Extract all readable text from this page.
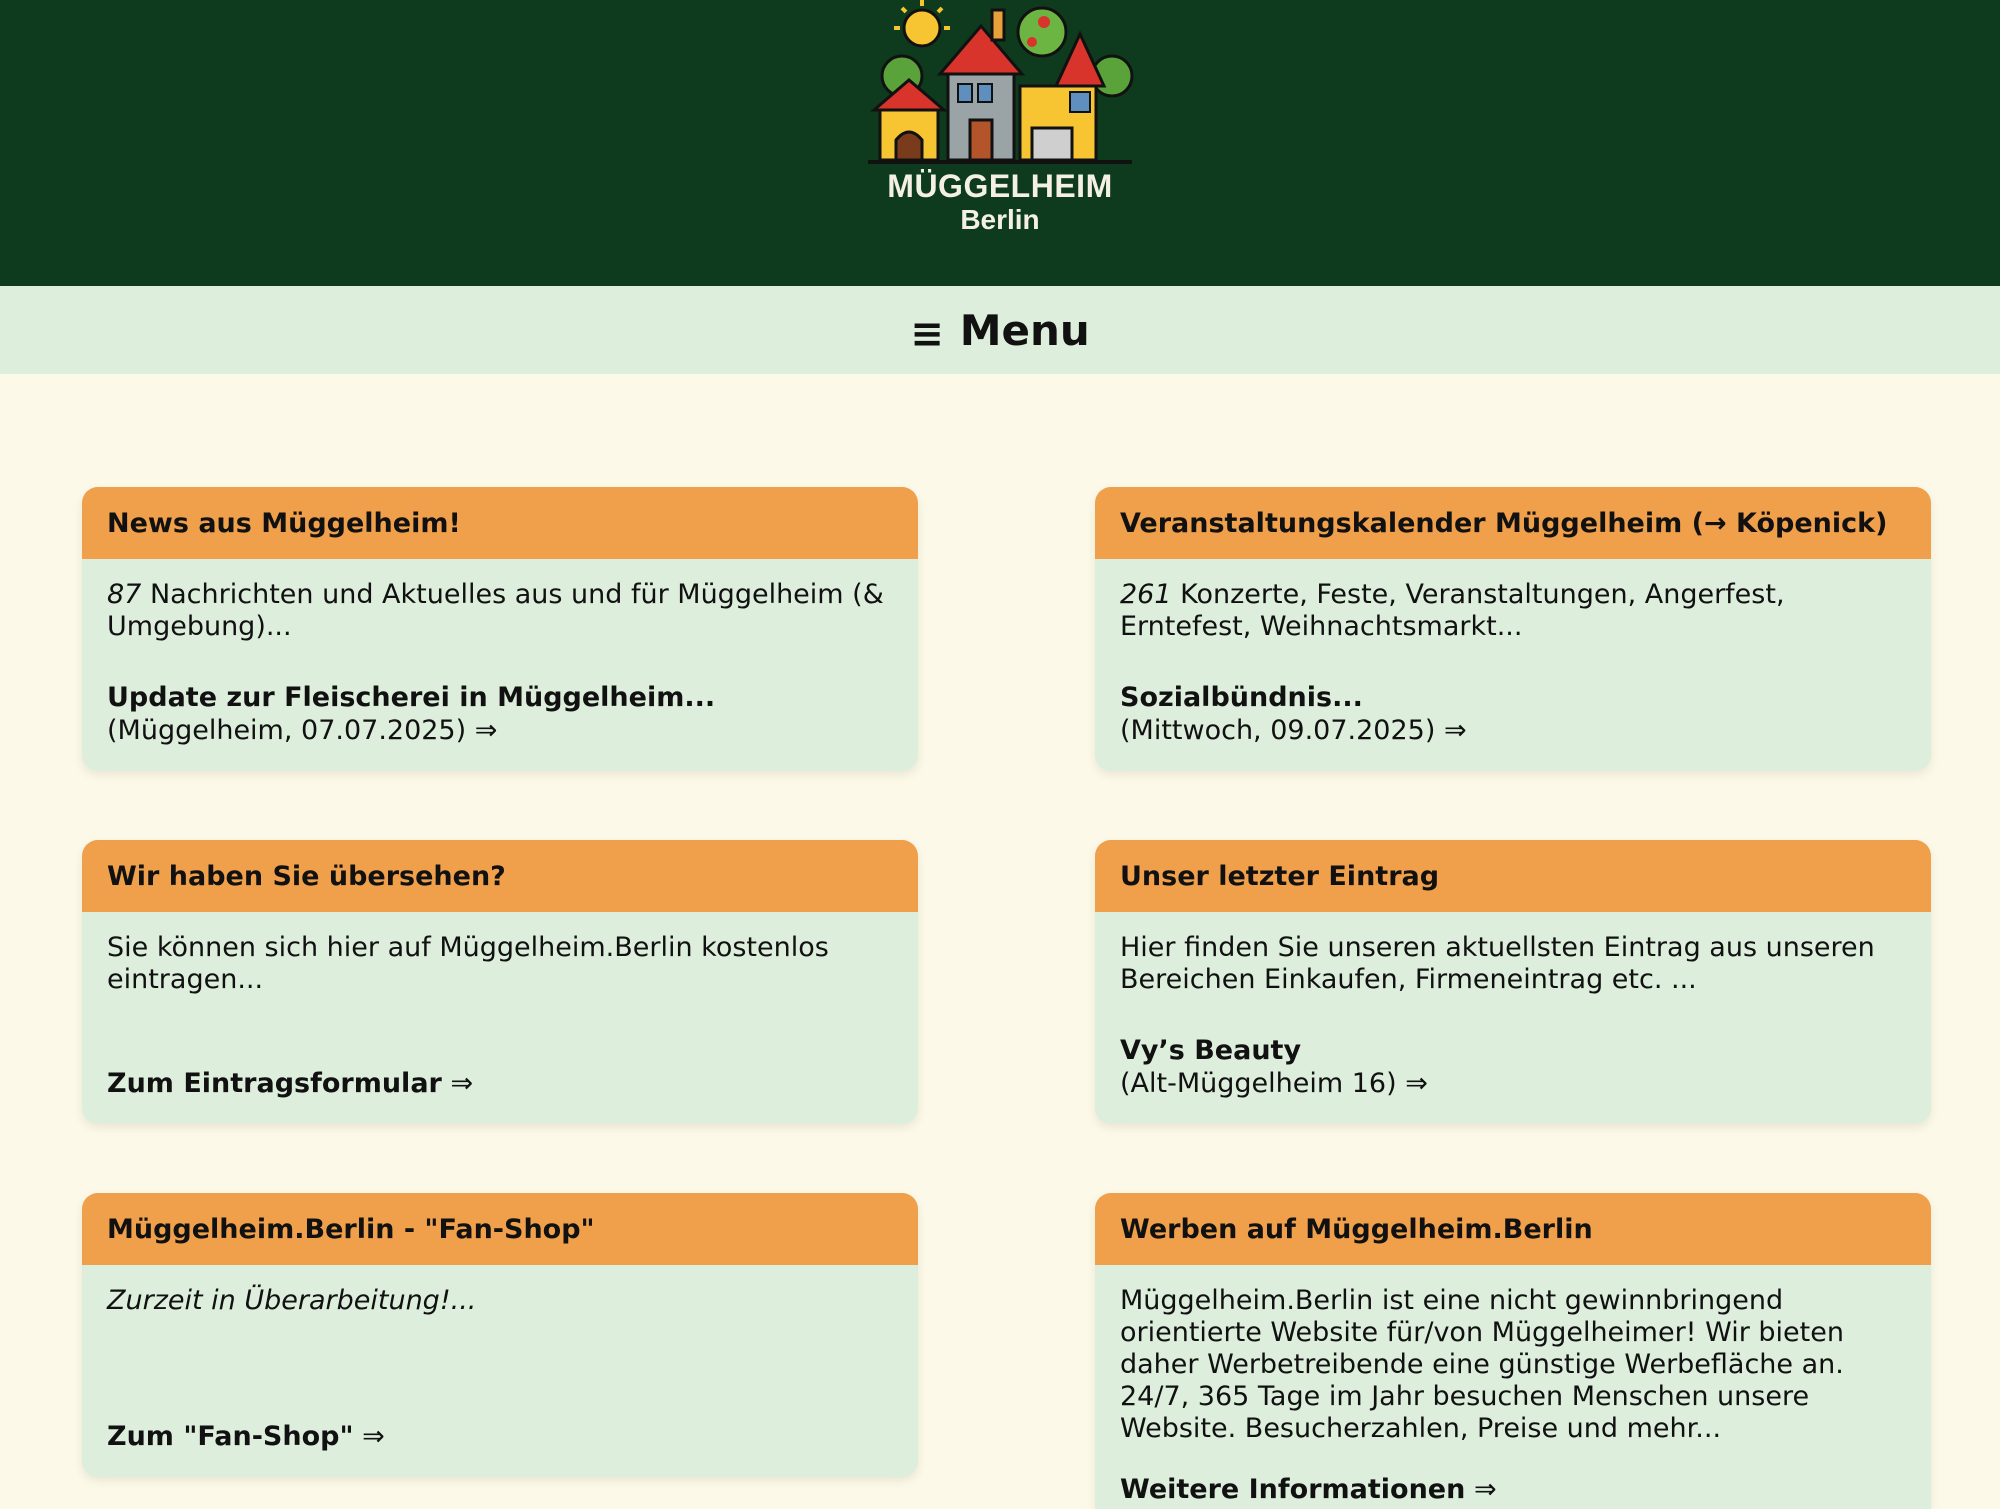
MÜGGELHEIM
Berlin
≡ Menu
News aus Müggelheim!

87 Nachrichten und Aktuelles aus und für Müggelheim (& Umgebung)...

Update zur Fleischerei in Müggelheim...
(Müggelheim, 07.07.2025) ⇒
Veranstaltungskalender Müggelheim (→ Köpenick)

261 Konzerte, Feste, Veranstaltungen, Angerfest, Erntefest, Weihnachtsmarkt...

Sozialbündnis...
(Mittwoch, 09.07.2025) ⇒
Wir haben Sie übersehen?

Sie können sich hier auf Müggelheim.Berlin kostenlos eintragen...

Zum Eintragsformular ⇒
Unser letzter Eintrag

Hier finden Sie unseren aktuellsten Eintrag aus unseren Bereichen Einkaufen, Firmeneintrag etc. ...

Vy’s Beauty
(Alt-Müggelheim 16) ⇒
Müggelheim.Berlin - "Fan-Shop"

Zurzeit in Überarbeitung!...

Zum "Fan-Shop" ⇒
Werben auf Müggelheim.Berlin

Müggelheim.Berlin ist eine nicht gewinnbringend orientierte Website für/von Müggelheimer! Wir bieten daher Werbetreibende eine günstige Werbefläche an. 24/7, 365 Tage im Jahr besuchen Menschen unsere Website. Besucherzahlen, Preise und mehr...

Weitere Informationen ⇒
